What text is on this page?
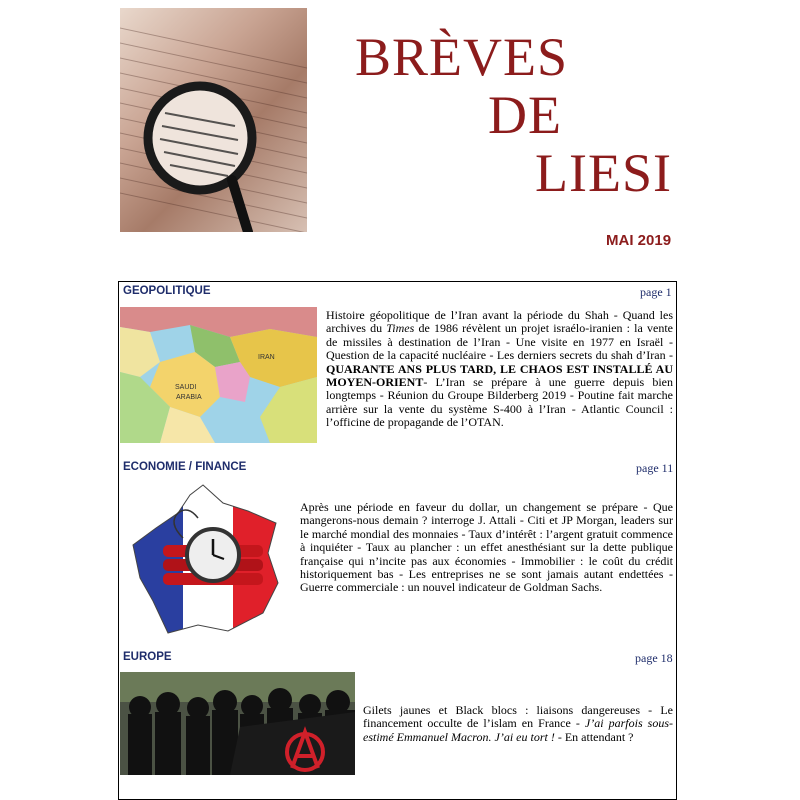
BRÈVES
DE
LIESI
MAI 2019
GEOPOLITIQUE	page 1
IRAN
SAUDI
ARABIA
Histoire géopolitique de l’Iran avant la période du Shah - Quand les archives du Times de 1986 révèlent un projet israélo-iranien : la vente de missiles à destination de l’Iran - Une visite en 1977 en Israël - Question de la capacité nucléaire - Les derniers secrets du shah d’Iran - QUARANTE ANS PLUS TARD, LE CHAOS EST INSTALLÉ AU MOYEN-ORIENT- L’Iran se prépare à une guerre depuis bien longtemps - Réunion du Groupe Bilderberg 2019 - Poutine fait marche arrière sur la vente du système S-400 à l’Iran - Atlantic Council : l’officine de propagande de l’OTAN.
ECONOMIE / FINANCE	page 11
Après une période en faveur du dollar, un changement se prépare - Que mangerons-nous demain ? interroge J. Attali - Citi et JP Morgan, leaders sur le marché mondial des monnaies - Taux d’intérêt : l’argent gratuit commence à inquiéter - Taux au plancher : un effet anesthésiant sur la dette publique française qui n’incite pas aux économies - Immobilier : le coût du crédit historiquement bas - Les entreprises ne se sont jamais autant endettées - Guerre commerciale : un nouvel indicateur de Goldman Sachs.
EUROPE	page 18
Gilets jaunes et Black blocs : liaisons dangereuses - Le financement occulte de l’islam en France - J’ai parfois sous-estimé Emmanuel Macron. J’ai eu tort ! - En attendant ?
